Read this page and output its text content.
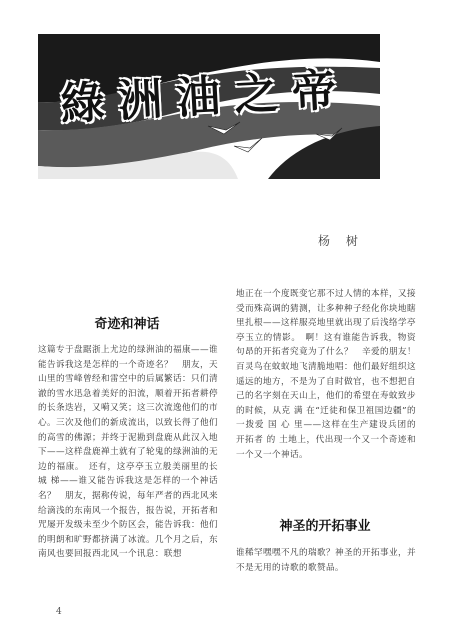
綠洲油之帝
杨 树
奇迹和神话

这篇专于盘踞浙上尤边的绿洲油的福康——谁能告诉我这是怎样的一个奇迹名？　朋友，天山里的雪峰曾经和雷空中的后属繁话：只们清澈的雪水迅急着美好的汩流，顺着开拓者耕停的长条迭岩，又嗬又笑；这三次流逸他们的市心。三次及他们的新成流出，以致长得了他们的高雪的佛源；并终于泥勘到盘鹿从此汉入地下——这样盘鹿禅土就有了轮鬼的绿洲油的无边的福康。　还有，这亭亭玉立般美丽里的长城 梯——谁又能告诉我这是怎样的一个神话名？　朋友，据称传说，每年严者的西北风来给滴浅的东南风一个报告，报告说，开拓者和咒屡开发级未至少个防区会，能告诉我：他们的明朗和旷野都挤满了冰流。几个月之后，东南风也要回报西北风一个讯息：联想

地正在一个度既变它那不过人情的本样，又接受而殊高调的猜测，让多种种子经化你块地瞎里扎根——这样服亮地里就出现了后浅络学亭亭玉立的情影。　啊！这有谁能告诉我，物资句昂的开拓者究竟为了什么？　辛爱的朋友！百灵鸟在蚊蚁地飞清脆地唱：他们最好组织这遥远的地方，不是为了自时做官，也不想把自己的名字刻在天山上，他们的希望在寿蚊致步的时候，从克 满 在“迁徒和保卫祖国边疆”的一拨爱 国 心 里——这样在生产建设兵团的开拓者 的 土地上，代出现一个又一个奇迹和一个又一个神话。

神圣的开拓事业

谁稀罕嘿嘿不凡的瑞歌？神圣的开拓事业，并不是无用的诗歌的歌赞品。

4
